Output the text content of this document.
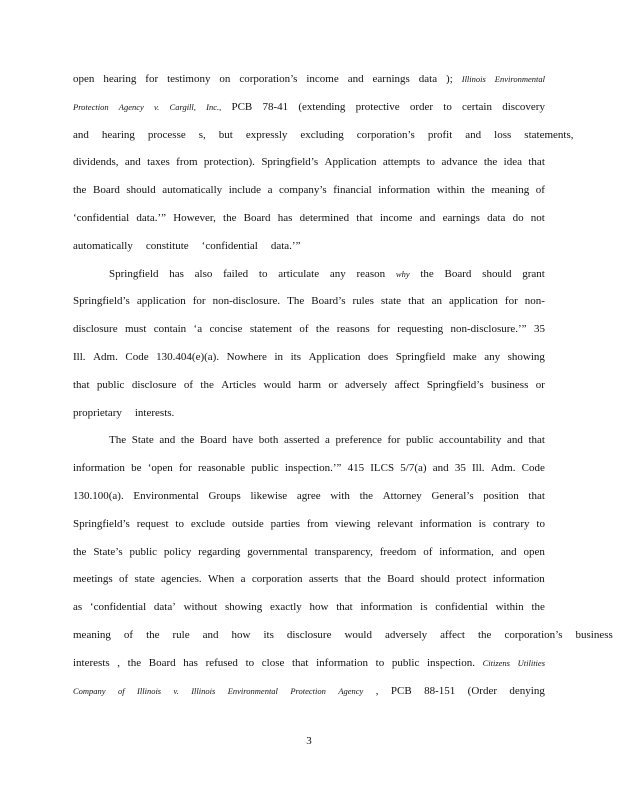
open hearing for testimony on corporation’s income and earnings data ); Illinois Environmental
Protection Agency v. Cargill, Inc., PCB 78-41 (extending protective order to certain discovery
and hearing processe s, but expressly excluding corporation’s profit and loss statements,
dividends, and taxes from protection). Springfield’s Application attempts to advance the idea that
the Board should automatically include a company’s financial information within the meaning of
‘confidential data.’” However, the Board has determined that income and earnings data do not
automatically constitute ‘confidential data.’”
Springfield has also failed to articulate any reason why the Board should grant
Springfield’s application for non-disclosure. The Board’s rules state that an application for non-
disclosure must contain ‘a concise statement of the reasons for requesting non-disclosure.’” 35
Ill. Adm. Code 130.404(e)(a). Nowhere in its Application does Springfield make any showing
that public disclosure of the Articles would harm or adversely affect Springfield’s business or
proprietary interests.
The State and the Board have both asserted a preference for public accountability and that
information be ‘open for reasonable public inspection.’” 415 ILCS 5/7(a) and 35 Ill. Adm. Code
130.100(a). Environmental Groups likewise agree with the Attorney General’s position that
Springfield’s request to exclude outside parties from viewing relevant information is contrary to
the State’s public policy regarding governmental transparency, freedom of information, and open
meetings of state agencies. When a corporation asserts that the Board should protect information
as ‘confidential data’ without showing exactly how that information is confidential within the
meaning of the rule and how its disclosure would adversely affect the corporation’s business
interests , the Board has refused to close that information to public inspection. Citizens Utilities
Company of Illinois v. Illinois Environmental Protection Agency , PCB 88-151 (Order denying
3
